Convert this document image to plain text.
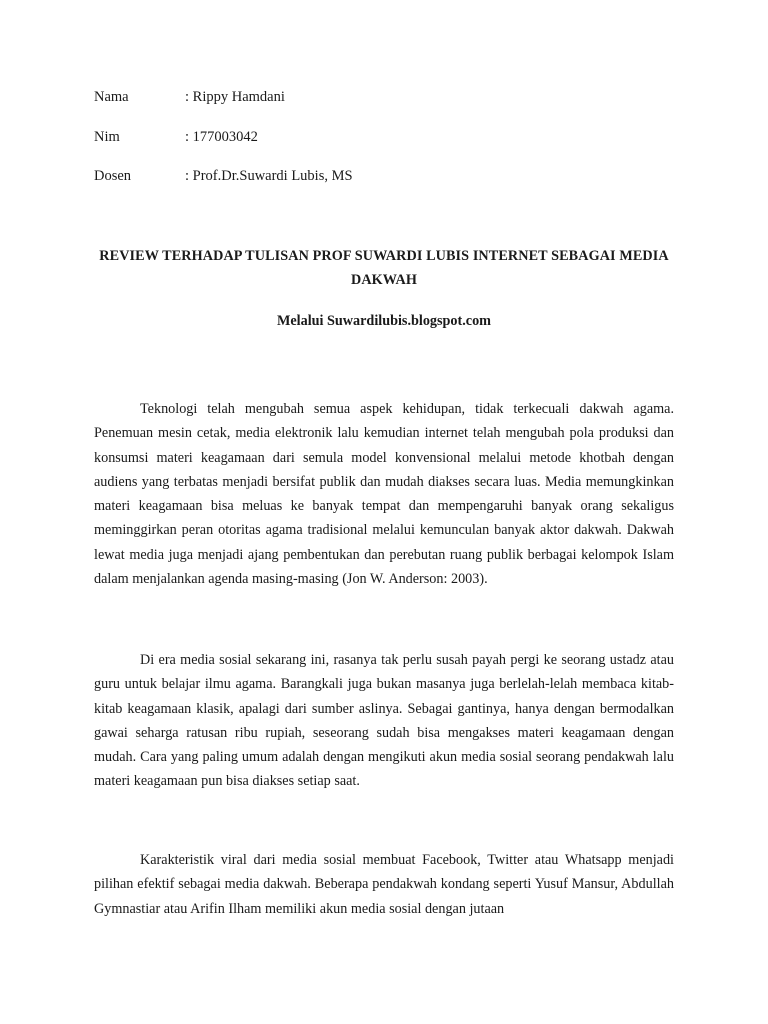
Nama	: Rippy Hamdani
Nim	: 177003042
Dosen	: Prof.Dr.Suwardi Lubis, MS
REVIEW TERHADAP TULISAN PROF SUWARDI LUBIS INTERNET SEBAGAI MEDIA DAKWAH
Melalui Suwardilubis.blogspot.com

Teknologi telah mengubah semua aspek kehidupan, tidak terkecuali dakwah agama. Penemuan mesin cetak, media elektronik lalu kemudian internet telah mengubah pola produksi dan konsumsi materi keagamaan dari semula model konvensional melalui metode khotbah dengan audiens yang terbatas menjadi bersifat publik dan mudah diakses secara luas. Media memungkinkan materi keagamaan bisa meluas ke banyak tempat dan mempengaruhi banyak orang sekaligus meminggirkan peran otoritas agama tradisional melalui kemunculan banyak aktor dakwah. Dakwah lewat media juga menjadi ajang pembentukan dan perebutan ruang publik berbagai kelompok Islam dalam menjalankan agenda masing-masing (Jon W. Anderson: 2003).

Di era media sosial sekarang ini, rasanya tak perlu susah payah pergi ke seorang ustadz atau guru untuk belajar ilmu agama. Barangkali juga bukan masanya juga berlelah-lelah membaca kitab-kitab keagamaan klasik, apalagi dari sumber aslinya. Sebagai gantinya, hanya dengan bermodalkan gawai seharga ratusan ribu rupiah, seseorang sudah bisa mengakses materi keagamaan dengan mudah. Cara yang paling umum adalah dengan mengikuti akun media sosial seorang pendakwah lalu materi keagamaan pun bisa diakses setiap saat.

Karakteristik viral dari media sosial membuat Facebook, Twitter atau Whatsapp menjadi pilihan efektif sebagai media dakwah. Beberapa pendakwah kondang seperti Yusuf Mansur, Abdullah Gymnastiar atau Arifin Ilham memiliki akun media sosial dengan jutaan
